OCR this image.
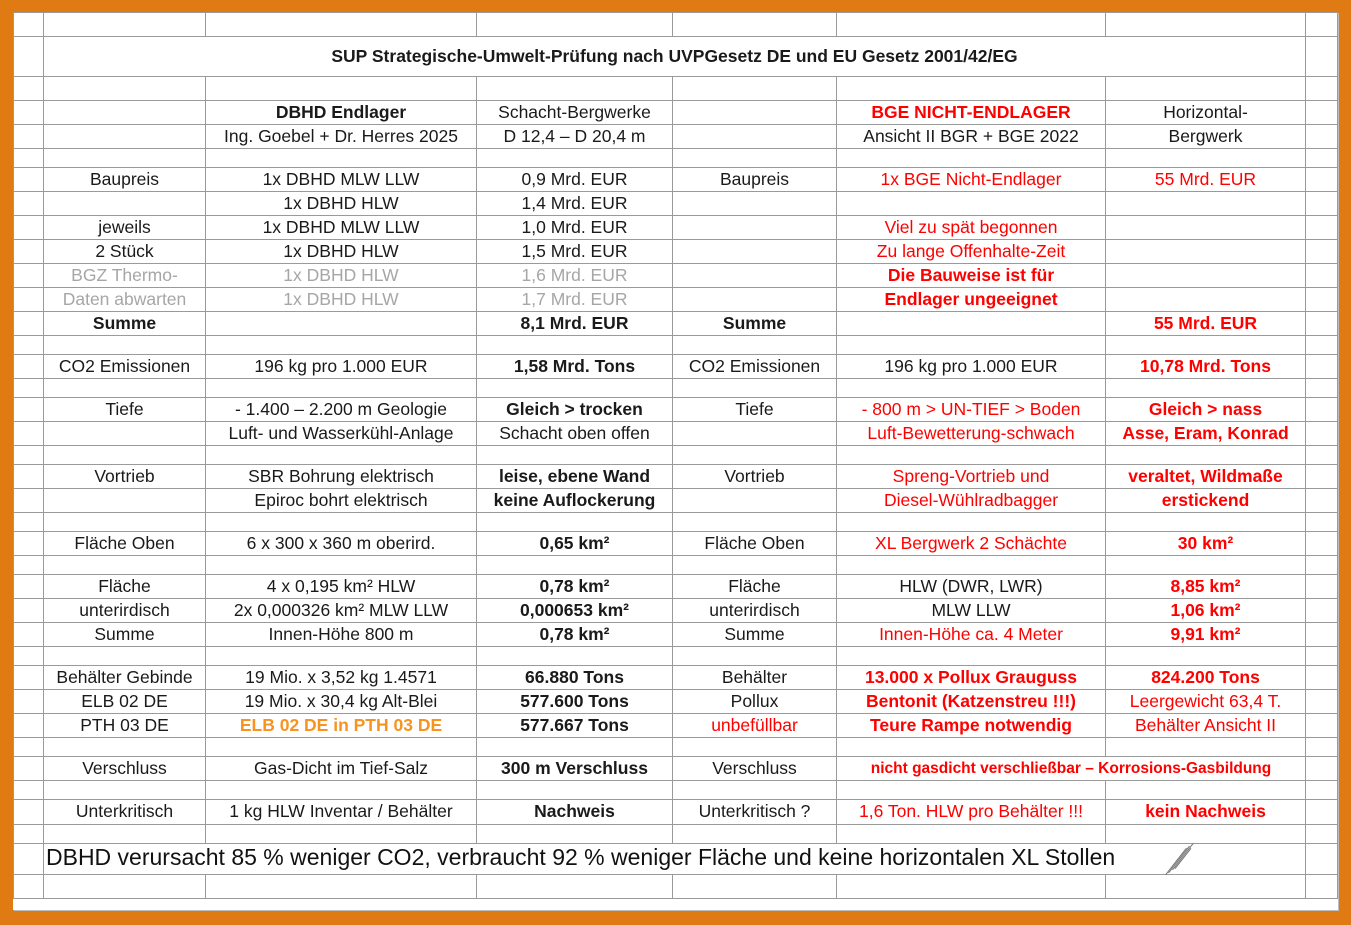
	SUP Strategische-Umwelt-Prüfung nach UVPGesetz DE und EU Gesetz 2001/42/EG						

		DBHD Endlager	Schacht-Bergwerke		BGE NICHT-ENDLAGER	Horizontal-	
		Ing. Goebel + Dr. Herres 2025	D 12,4 – D 20,4 m		Ansicht II BGR + BGE 2022	Bergwerk	

	Baupreis	1x DBHD MLW LLW	0,9 Mrd. EUR	Baupreis	1x BGE Nicht-Endlager	55 Mrd. EUR	
		1x DBHD HLW	1,4 Mrd. EUR				
	jeweils	1x DBHD MLW LLW	1,0 Mrd. EUR		Viel zu spät begonnen		
	2 Stück	1x DBHD HLW	1,5 Mrd. EUR		Zu lange Offenhalte-Zeit		
	BGZ Thermo-	1x DBHD HLW	1,6 Mrd. EUR		Die Bauweise ist für		
	Daten abwarten	1x DBHD HLW	1,7 Mrd. EUR		Endlager ungeeignet		
	Summe		8,1 Mrd. EUR	Summe		55 Mrd. EUR	

	CO2 Emissionen	196 kg pro 1.000 EUR	1,58 Mrd. Tons	CO2 Emissionen	196 kg pro 1.000 EUR	10,78 Mrd. Tons	

	Tiefe	- 1.400 – 2.200 m Geologie	Gleich > trocken	Tiefe	- 800 m > UN-TIEF > Boden	Gleich > nass	
		Luft- und Wasserkühl-Anlage	Schacht oben offen		Luft-Bewetterung-schwach	Asse, Eram, Konrad	

	Vortrieb	SBR Bohrung elektrisch	leise, ebene Wand	Vortrieb	Spreng-Vortrieb und	veraltet, Wildmaße	
		Epiroc bohrt elektrisch	keine Auflockerung		Diesel-Wühlradbagger	erstickend	

	Fläche Oben	6 x 300 x 360 m oberird.	0,65 km²	Fläche Oben	XL Bergwerk 2 Schächte	30 km²	

	Fläche	4 x 0,195 km² HLW	0,78 km²	Fläche	HLW (DWR, LWR)	8,85 km²	
	unterirdisch	2x 0,000326 km² MLW LLW	0,000653 km²	unterirdisch	MLW LLW	1,06 km²	
	Summe	Innen-Höhe 800 m	0,78 km²	Summe	Innen-Höhe ca. 4 Meter	9,91 km²	

	Behälter Gebinde	19 Mio. x 3,52 kg 1.4571	66.880 Tons	Behälter	13.000 x Pollux Grauguss	824.200 Tons	
	ELB 02 DE	19 Mio. x 30,4 kg Alt-Blei	577.600 Tons	Pollux	Bentonit (Katzenstreu !!!)	Leergewicht 63,4 T.	
	PTH 03 DE	ELB 02 DE in PTH 03 DE	577.667 Tons	unbefüllbar	Teure Rampe notwendig	Behälter Ansicht II	

	Verschluss	Gas-Dicht im Tief-Salz	300 m Verschluss	Verschluss	nicht gasdicht verschließbar – Korrosions-Gasbildung		

	Unterkritisch	1 kg HLW Inventar / Behälter	Nachweis	Unterkritisch ?	1,6 Ton. HLW pro Behälter !!!	kein Nachweis	

	DBHD verursacht 85 % weniger CO2, verbraucht 92 % weniger Fläche und keine horizontalen XL Stollen					
